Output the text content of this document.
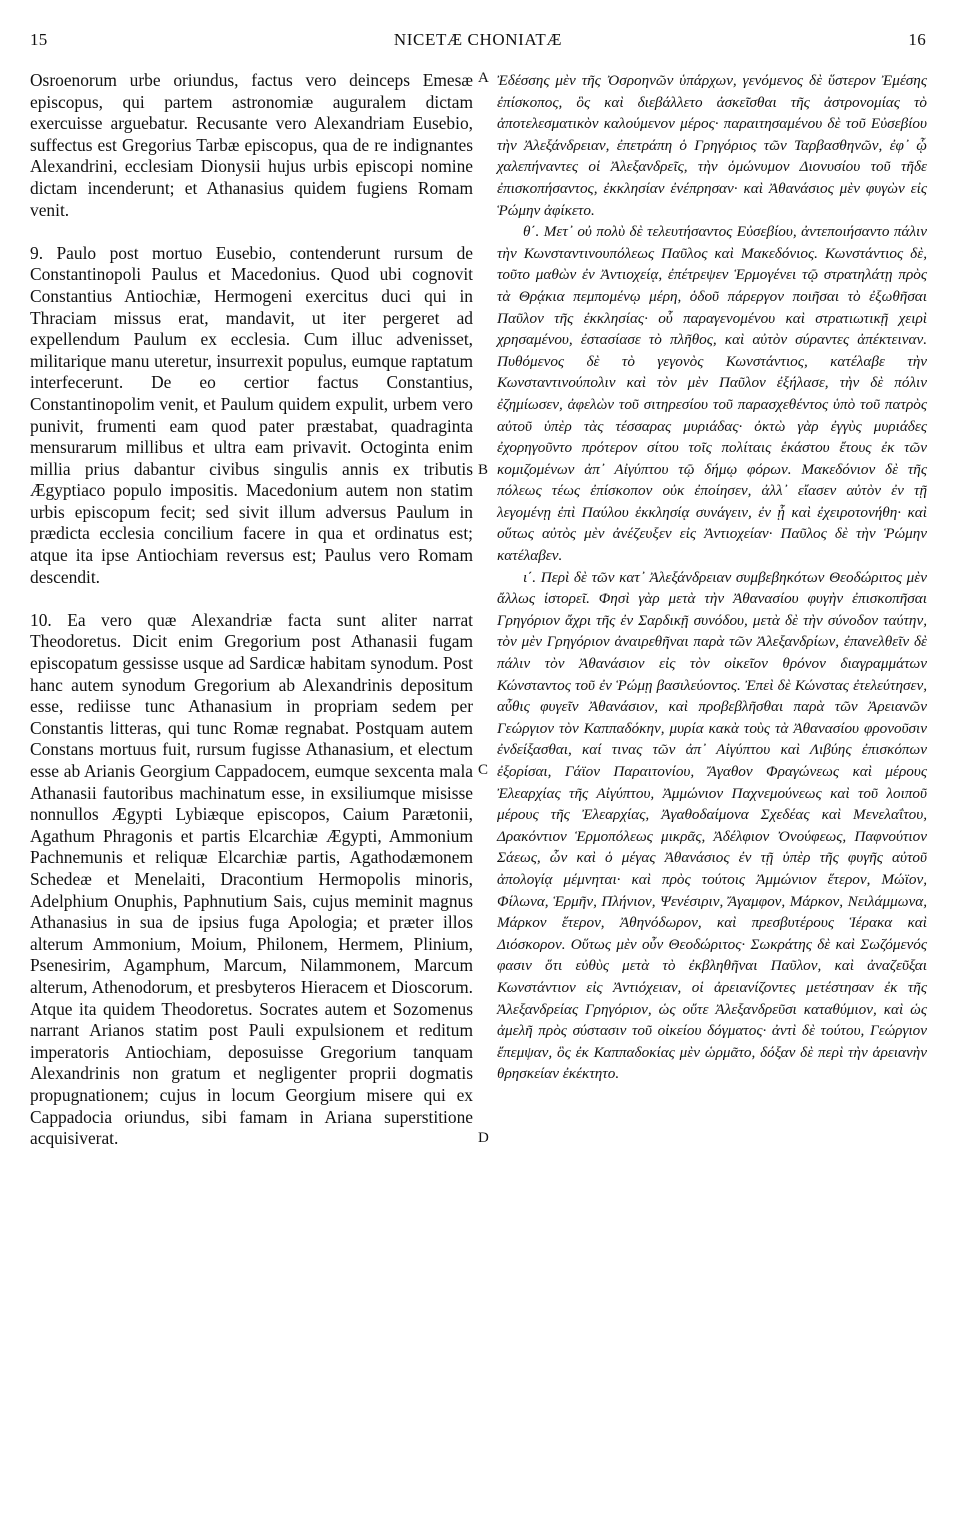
15	NICETÆ CHONIATÆ	16

Osroenorum urbe oriundus, factus vero deinceps Emesæ episcopus, qui partem astronomiæ auguralem dictam exercuisse arguebatur. Recusante vero Alexandriam Eusebio, suffectus est Gregorius Tarbæ episcopus, qua de re indignantes Alexandrini, ecclesiam Dionysii hujus urbis episcopi nomine dictam incenderunt; et Athanasius quidem fugiens Romam venit.

9. Paulo post mortuo Eusebio, contenderunt rursum de Constantinopoli Paulus et Macedonius. Quod ubi cognovit Constantius Antiochiæ, Hermogeni exercitus duci qui in Thraciam missus erat, mandavit, ut iter pergeret ad expellendum Paulum ex ecclesia. Cum illuc advenisset, militarique manu uteretur, insurrexit populus, eumque raptatum interfecerunt. De eo certior factus Constantius, Constantinopolim venit, et Paulum quidem expulit, urbem vero punivit, frumenti eam quod pater præstabat, quadraginta mensurarum millibus et ultra eam privavit. Octoginta enim millia prius dabantur civibus singulis annis ex tributis Ægyptiaco populo impositis. Macedonium autem non statim urbis episcopum fecit; sed sivit illum adversus Paulum in prædicta ecclesia concilium facere in qua et ordinatus est; atque ita ipse Antiochiam reversus est; Paulus vero Romam descendit.

10. Ea vero quæ Alexandriæ facta sunt aliter narrat Theodoretus. Dicit enim Gregorium post Athanasii fugam episcopatum gessisse usque ad Sardicæ habitam synodum. Post hanc autem synodum Gregorium ab Alexandrinis depositum esse, rediisse tunc Athanasium in propriam sedem per Constantis litteras, qui tunc Romæ regnabat. Postquam autem Constans mortuus fuit, rursum fugisse Athanasium, et electum esse ab Arianis Georgium Cappadocem, eumque sexcenta mala Athanasii fautoribus machinatum esse, in exsiliumque misisse nonnullos Ægypti Lybiæque episcopos, Caium Parætonii, Agathum Phragonis et partis Elcarchiæ Ægypti, Ammonium Pachnemunis et reliquæ Elcarchiæ partis, Agathodæmonem Schedeæ et Menelaiti, Dracontium Hermopolis minoris, Adelphium Onuphis, Paphnutium Sais, cujus meminit magnus Athanasius in sua de ipsius fuga Apologia; et præter illos alterum Ammonium, Moium, Philonem, Hermem, Plinium, Psenesirim, Agamphum, Marcum, Nilammonem, Marcum alterum, Athenodorum, et presbyteros Hieracem et Dioscorum. Atque ita quidem Theodoretus. Socrates autem et Sozomenus narrant Arianos statim post Pauli expulsionem et reditum imperatoris Antiochiam, deposuisse Gregorium tanquam Alexandrinis non gratum et negligenter proprii dogmatis propugnationem; cujus in locum Georgium misere qui ex Cappadocia oriundus, sibi famam in Ariana superstitione acquisiverat.

A
B
C
D

Ἐδέσσης μὲν τῆς Ὀσροηνῶν ὑπάρχων, γενόμενος δὲ ὕστερον Ἐμέσης ἐπίσκοπος, ὃς καὶ διεβάλλετο ἀσκεῖσθαι τῆς ἀστρονομίας τὸ ἀποτελεσματικὸν καλούμενον μέρος· παραιτησαμένου δὲ τοῦ Εὐσεβίου τὴν Ἀλεξάνδρειαν, ἐπετράπη ὁ Γρηγόριος τῶν Ταρβασθηνῶν, ἐφ᾽ ᾧ χαλεπήναντες οἱ Ἀλεξανδρεῖς, τὴν ὁμώνυμον Διονυσίου τοῦ τῆδε ἐπισκοπήσαντος, ἐκκλησίαν ἐνέπρησαν· καὶ Ἀθανάσιος μὲν φυγὼν εἰς Ῥώμην ἀφίκετο.

θ΄. Μετ᾽ οὐ πολὺ δὲ τελευτήσαντος Εὐσεβίου, ἀντεποιήσαντο πάλιν τὴν Κωνσταντινουπόλεως Παῦλος καὶ Μακεδόνιος. Κωνστάντιος δὲ, τοῦτο μαθὼν ἐν Ἀντιοχείᾳ, ἐπέτρεψεν Ἑρμογένει τῷ στρατηλάτῃ πρὸς τὰ Θρᾴκια πεμπομένῳ μέρη, ὁδοῦ πάρεργον ποιῆσαι τὸ ἐξωθῆσαι Παῦλον τῆς ἐκκλησίας· οὗ παραγενομένου καὶ στρατιωτικῇ χειρὶ χρησαμένου, ἐστασίασε τὸ πλῆθος, καὶ αὐτὸν σύραντες ἀπέκτειναν. Πυθόμενος δὲ τὸ γεγονὸς Κωνστάντιος, κατέλαβε τὴν Κωνσταντινούπολιν καὶ τὸν μὲν Παῦλον ἐξήλασε, τὴν δὲ πόλιν ἐζημίωσεν, ἀφελὼν τοῦ σιτηρεσίου τοῦ παρασχεθέντος ὑπὸ τοῦ πατρὸς αὐτοῦ ὑπὲρ τὰς τέσσαρας μυριάδας· ὀκτὼ γὰρ ἐγγὺς μυριάδες ἐχορηγοῦντο πρότερον σίτου τοῖς πολίταις ἑκάστου ἔτους ἐκ τῶν κομιζομένων ἀπ᾽ Αἰγύπτου τῷ δήμῳ φόρων. Μακεδόνιον δὲ τῆς πόλεως τέως ἐπίσκοπον οὐκ ἐποίησεν, ἀλλ᾽ εἴασεν αὐτὸν ἐν τῇ λεγομένῃ ἐπὶ Παύλου ἐκκλησίᾳ συνάγειν, ἐν ᾗ καὶ ἐχειροτονήθη· καὶ οὕτως αὐτὸς μὲν ἀνέζευξεν εἰς Ἀντιοχείαν· Παῦλος δὲ τὴν Ῥώμην κατέλαβεν.

ι΄. Περὶ δὲ τῶν κατ᾽ Ἀλεξάνδρειαν συμβεβηκότων Θεοδώριτος μὲν ἄλλως ἱστορεῖ. Φησὶ γὰρ μετὰ τὴν Ἀθανασίου φυγὴν ἐπισκοπῆσαι Γρηγόριον ἄχρι τῆς ἐν Σαρδικῇ συνόδου, μετὰ δὲ τὴν σύνοδον ταύτην, τὸν μὲν Γρηγόριον ἀναιρεθῆναι παρὰ τῶν Ἀλεξανδρίων, ἐπανελθεῖν δὲ πάλιν τὸν Ἀθανάσιον εἰς τὸν οἰκεῖον θρόνον διαγραμμάτων Κώνσταντος τοῦ ἐν Ῥώμῃ βασιλεύοντος. Ἐπεὶ δὲ Κώνστας ἐτελεύτησεν, αὖθις φυγεῖν Ἀθανάσιον, καὶ προβεβλῆσθαι παρὰ τῶν Ἀρειανῶν Γεώργιον τὸν Καππαδόκην, μυρία κακὰ τοὺς τὰ Ἀθανασίου φρονοῦσιν ἐνδείξασθαι, καί τινας τῶν ἀπ᾽ Αἰγύπτου καὶ Λιβύης ἐπισκόπων ἐξορίσαι, Γάϊον Παραιτονίου, Ἄγαθον Φραγώνεως καὶ μέρους Ἐλεαρχίας τῆς Αἰγύπτου, Ἀμμώνιον Παχνεμούνεως καὶ τοῦ λοιποῦ μέρους τῆς Ἐλεαρχίας, Ἀγαθοδαίμονα Σχεδέας καὶ Μενελαΐτου, Δρακόντιον Ἑρμοπόλεως μικρᾶς, Ἀδέλφιον Ὀνούφεως, Παφνούτιον Σάεως, ὧν καὶ ὁ μέγας Ἀθανάσιος ἐν τῇ ὑπὲρ τῆς φυγῆς αὐτοῦ ἀπολογίᾳ μέμνηται· καὶ πρὸς τούτοις Ἀμμώνιον ἕτερον, Μώϊον, Φίλωνα, Ἑρμῆν, Πλήνιον, Ψενέσιριν, Ἄγαμφον, Μάρκον, Νειλάμμωνα, Μάρκον ἕτερον, Ἀθηνόδωρον, καὶ πρεσβυτέρους Ἱέρακα καὶ Διόσκορον. Οὕτως μὲν οὖν Θεοδώριτος· Σωκράτης δὲ καὶ Σωζόμενός φασιν ὅτι εὐθὺς μετὰ τὸ ἐκβληθῆναι Παῦλον, καὶ ἀναζεῦξαι Κωνστάντιον εἰς Ἀντιόχειαν, οἱ ἀρειανίζοντες μετέστησαν ἐκ τῆς Ἀλεξανδρείας Γρηγόριον, ὡς οὔτε Ἀλεξανδρεῦσι καταθύμιον, καὶ ὡς ἀμελῆ πρὸς σύστασιν τοῦ οἰκείου δόγματος· ἀντὶ δὲ τούτου, Γεώργιον ἔπεμψαν, ὃς ἐκ Καππαδοκίας μὲν ὡρμᾶτο, δόξαν δὲ περὶ τὴν ἀρειανὴν θρησκείαν ἐκέκτητο.
